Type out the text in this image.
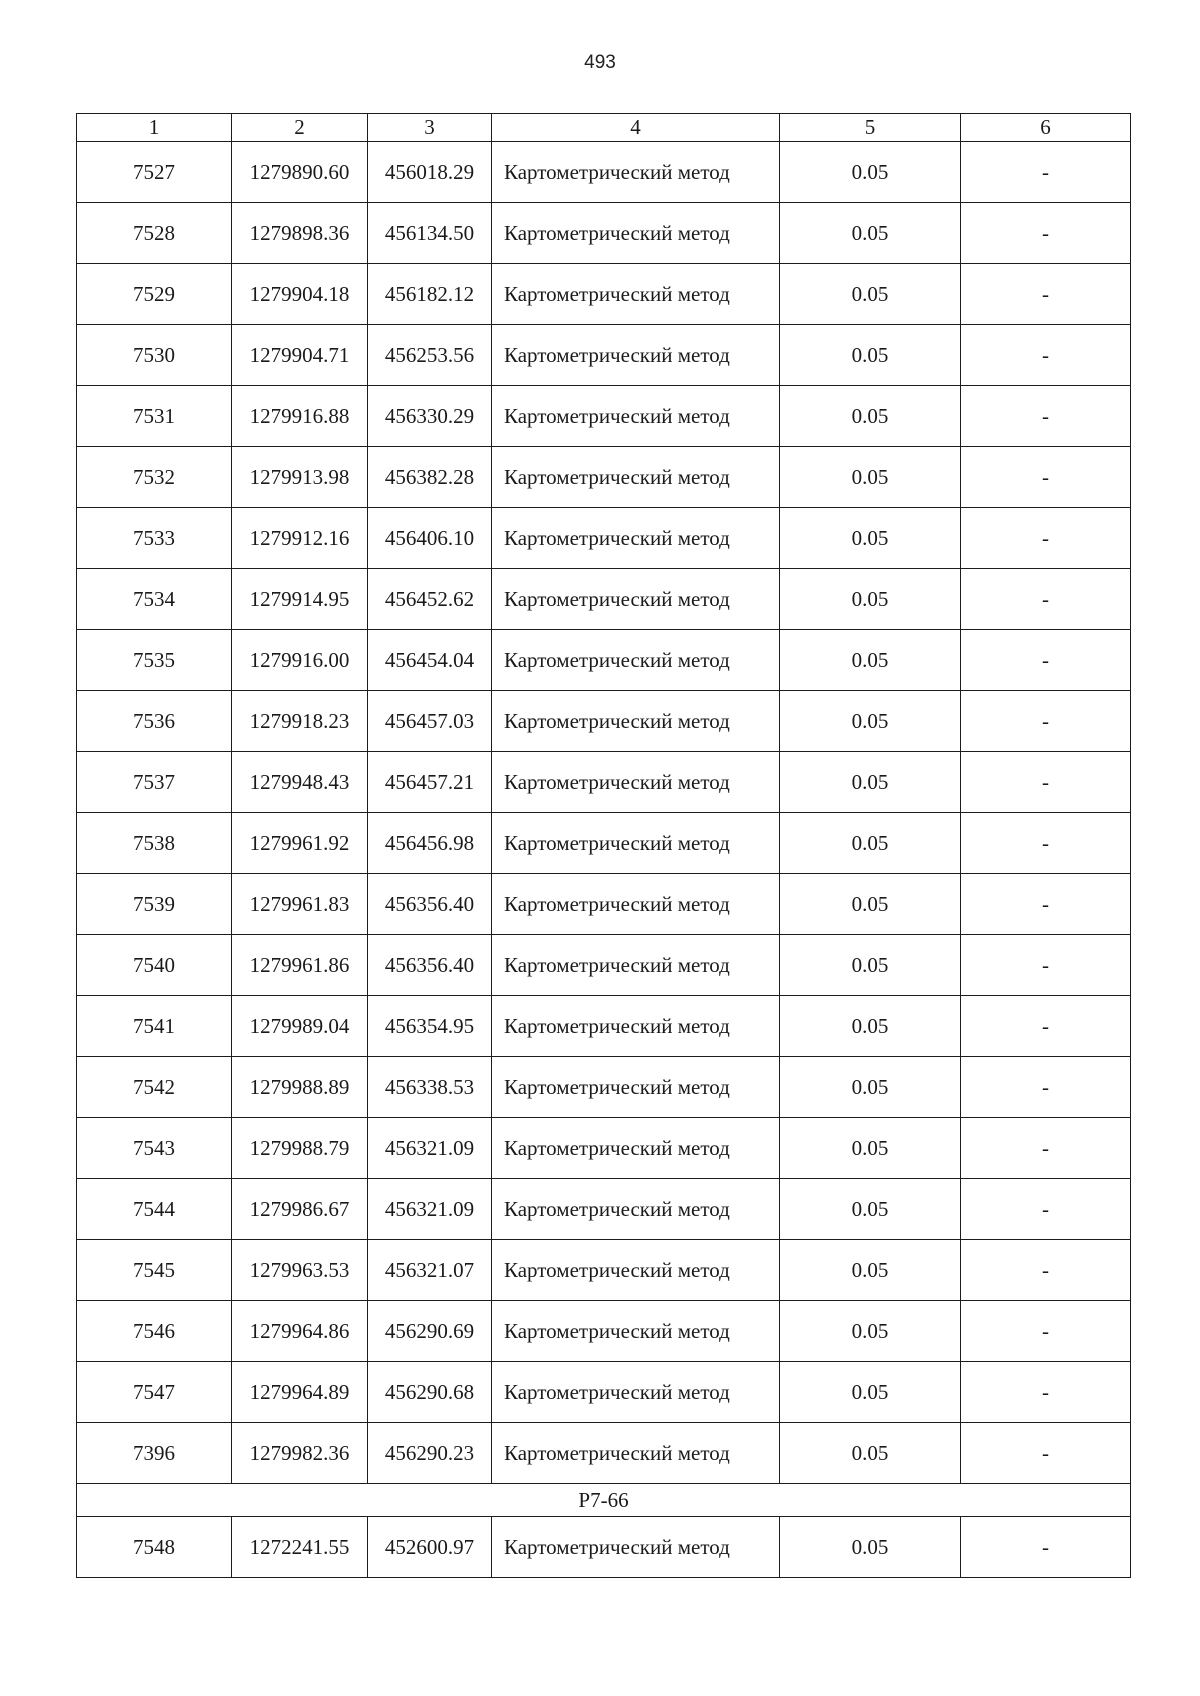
493
1	2	3	4	5	6
7527	1279890.60	456018.29	Картометрический метод	0.05	-
7528	1279898.36	456134.50	Картометрический метод	0.05	-
7529	1279904.18	456182.12	Картометрический метод	0.05	-
7530	1279904.71	456253.56	Картометрический метод	0.05	-
7531	1279916.88	456330.29	Картометрический метод	0.05	-
7532	1279913.98	456382.28	Картометрический метод	0.05	-
7533	1279912.16	456406.10	Картометрический метод	0.05	-
7534	1279914.95	456452.62	Картометрический метод	0.05	-
7535	1279916.00	456454.04	Картометрический метод	0.05	-
7536	1279918.23	456457.03	Картометрический метод	0.05	-
7537	1279948.43	456457.21	Картометрический метод	0.05	-
7538	1279961.92	456456.98	Картометрический метод	0.05	-
7539	1279961.83	456356.40	Картометрический метод	0.05	-
7540	1279961.86	456356.40	Картометрический метод	0.05	-
7541	1279989.04	456354.95	Картометрический метод	0.05	-
7542	1279988.89	456338.53	Картометрический метод	0.05	-
7543	1279988.79	456321.09	Картометрический метод	0.05	-
7544	1279986.67	456321.09	Картометрический метод	0.05	-
7545	1279963.53	456321.07	Картометрический метод	0.05	-
7546	1279964.86	456290.69	Картометрический метод	0.05	-
7547	1279964.89	456290.68	Картометрический метод	0.05	-
7396	1279982.36	456290.23	Картометрический метод	0.05	-
Р7-66					
7548	1272241.55	452600.97	Картометрический метод	0.05	-
